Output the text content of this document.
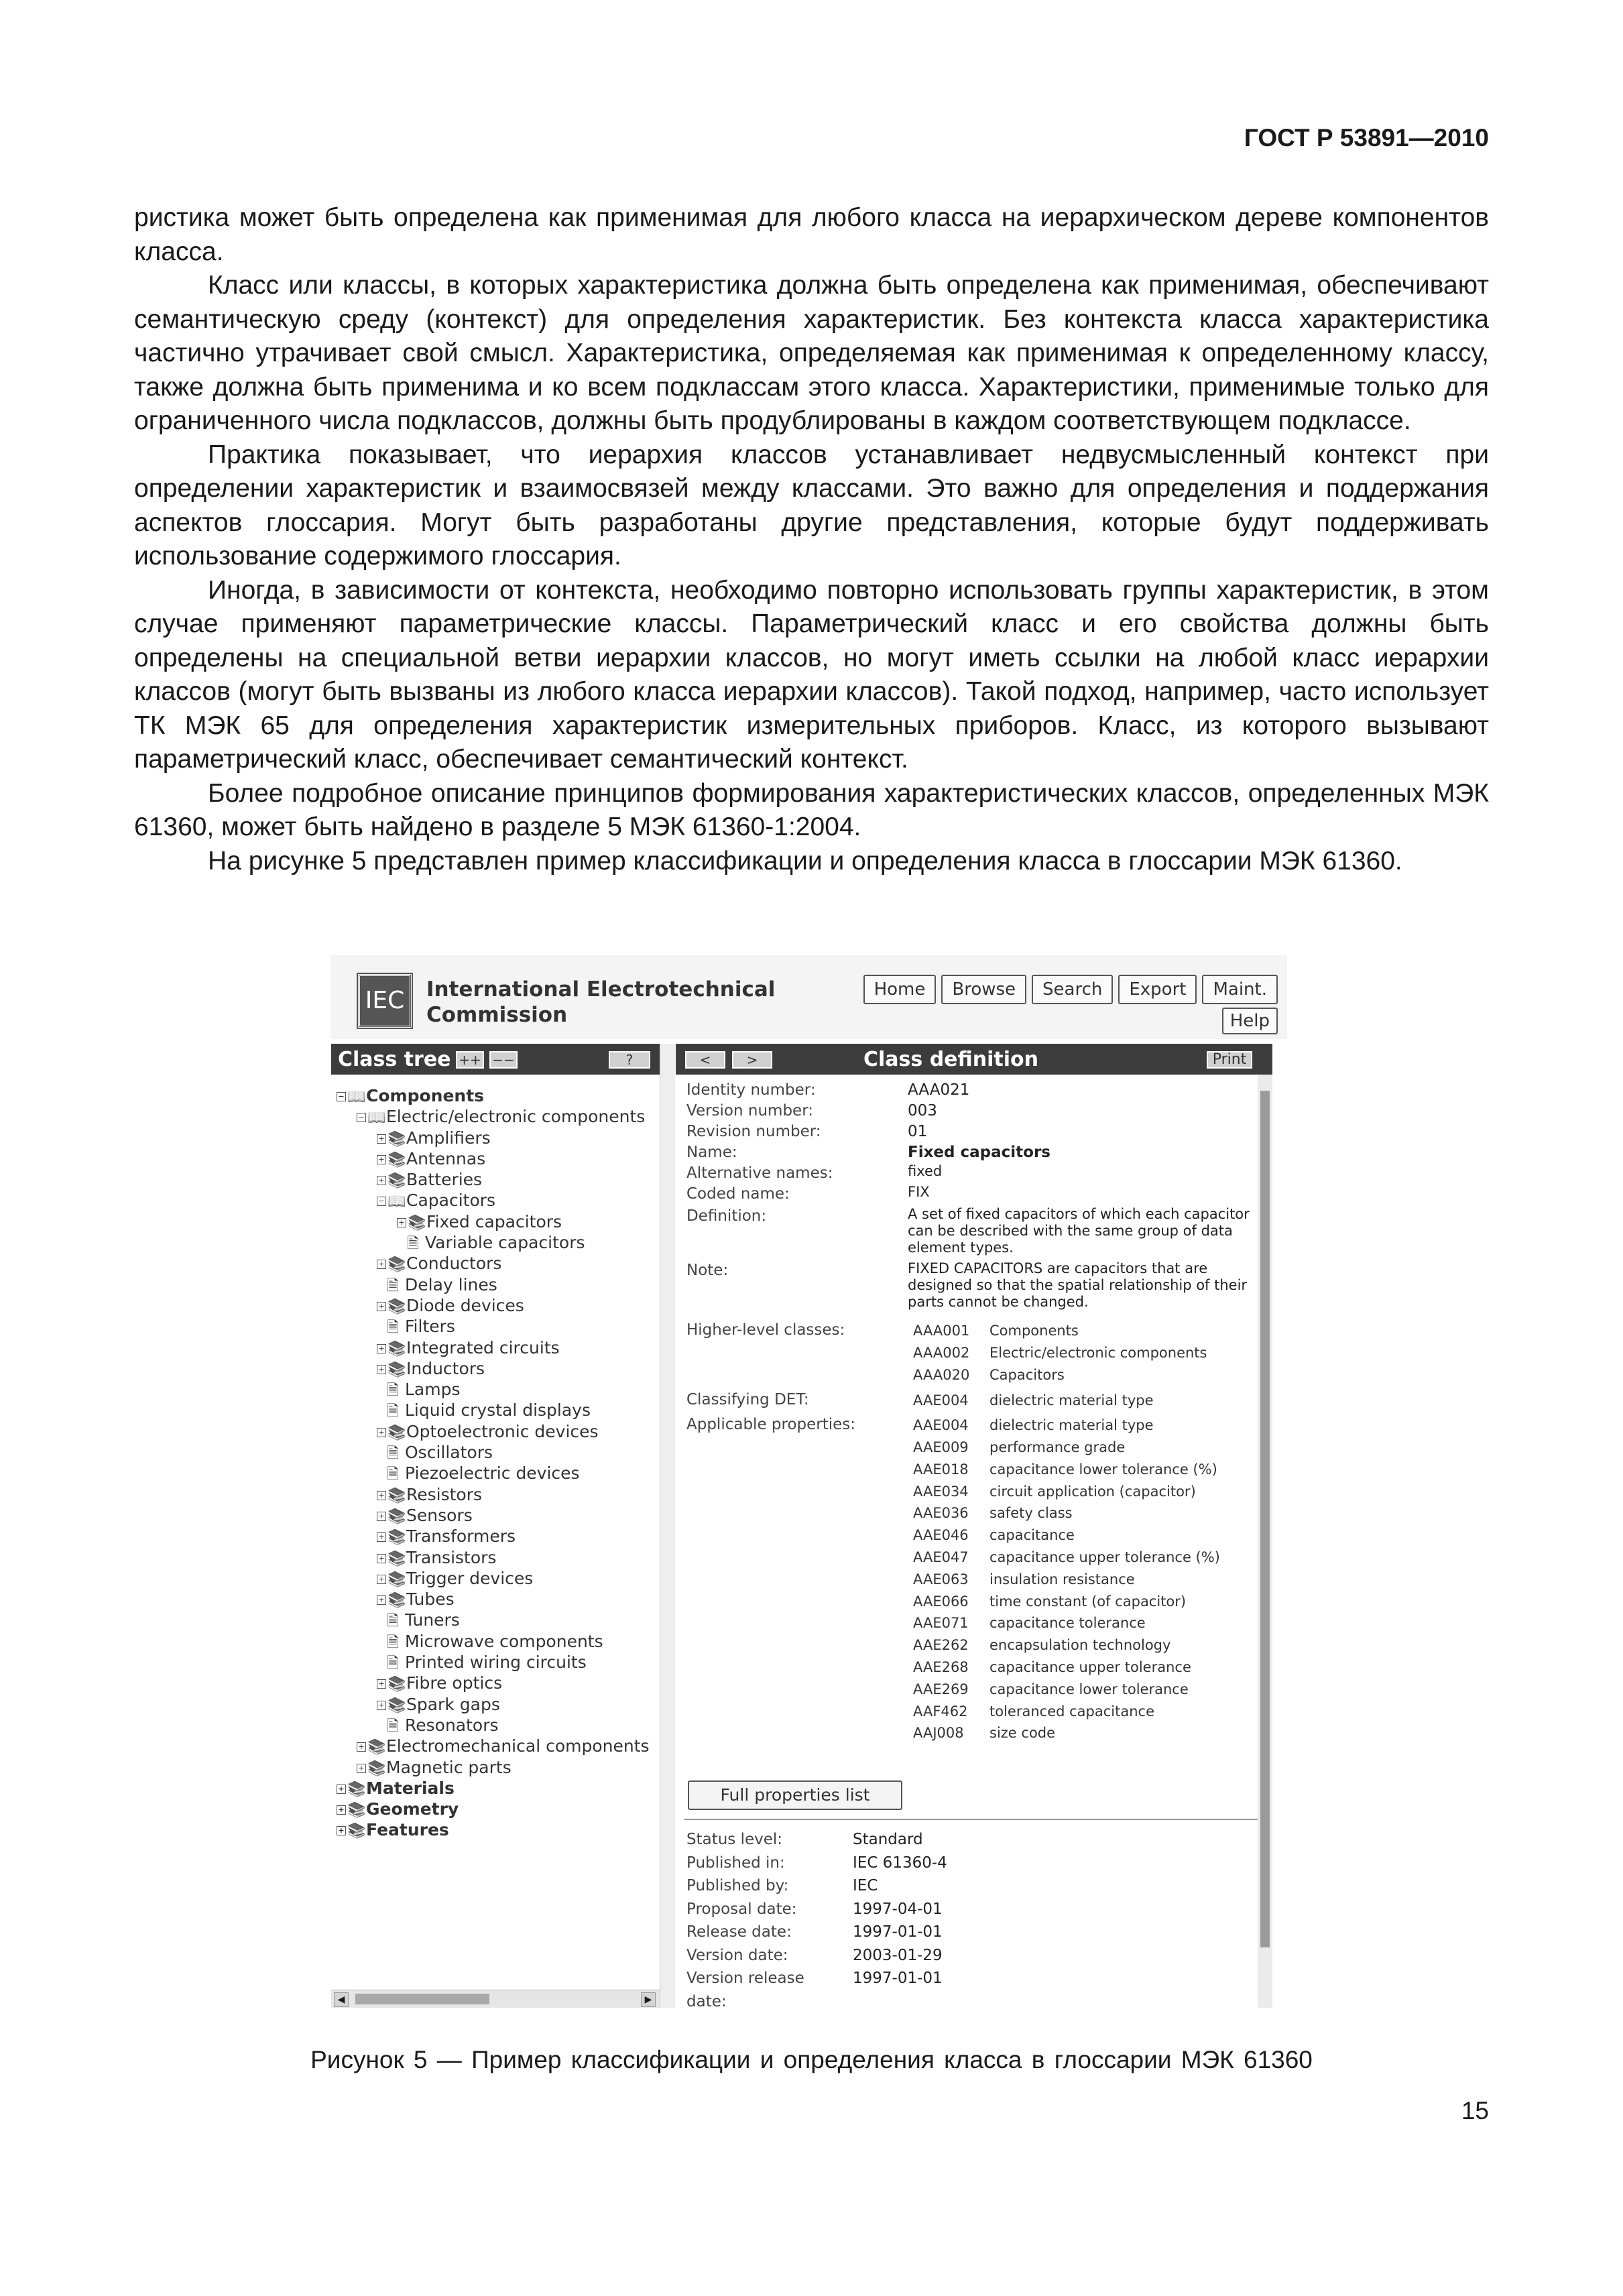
ГОСТ Р 53891—2010

ристика может быть определена как применимая для любого класса на иерархическом дереве компонентов класса.

Класс или классы, в которых характеристика должна быть определена как применимая, обеспечивают семантическую среду (контекст) для определения характеристик. Без контекста класса характеристика частично утрачивает свой смысл. Характеристика, определяемая как применимая к определенному классу, также должна быть применима и ко всем подклассам этого класса. Характеристики, применимые только для ограниченного числа подклассов, должны быть продублированы в каждом соответствующем подклассе.

Практика показывает, что иерархия классов устанавливает недвусмысленный контекст при определении характеристик и взаимосвязей между классами. Это важно для определения и поддержания аспектов глоссария. Могут быть разработаны другие представления, которые будут поддерживать использование содержимого глоссария.

Иногда, в зависимости от контекста, необходимо повторно использовать группы характеристик, в этом случае применяют параметрические классы. Параметрический класс и его свойства должны быть определены на специальной ветви иерархии классов, но могут иметь ссылки на любой класс иерархии классов (могут быть вызваны из любого класса иерархии классов). Такой подход, например, часто использует ТК МЭК 65 для определения характеристик измерительных приборов. Класс, из которого вызывают параметрический класс, обеспечивает семантический контекст.

Более подробное описание принципов формирования характеристических классов, определенных МЭК 61360, может быть найдено в разделе 5 МЭК 61360-1:2004.

На рисунке 5 представлен пример классификации и определения класса в глоссарии МЭК 61360.

IEC	International Electrotechnical
Commission
Home	Browse	Search	Export	Maint.
Help
Class tree ++ −−	?
− 📖Components
− 📖Electric/electronic components
+ 📚Amplifiers
+ 📚Antennas
+ 📚Batteries
− 📖Capacitors
+ 📚Fixed capacitors
🗎 Variable capacitors
+ 📚Conductors
🗎 Delay lines
+ 📚Diode devices
🗎 Filters
+ 📚Integrated circuits
+ 📚Inductors
🗎 Lamps
🗎 Liquid crystal displays
+ 📚Optoelectronic devices
🗎 Oscillators
🗎 Piezoelectric devices
+ 📚Resistors
+ 📚Sensors
+ 📚Transformers
+ 📚Transistors
+ 📚Trigger devices
+ 📚Tubes
🗎 Tuners
🗎 Microwave components
🗎 Printed wiring circuits
+ 📚Fibre optics
+ 📚Spark gaps
🗎 Resonators
+ 📚Electromechanical components
+ 📚Magnetic parts
+ 📚Materials
+ 📚Geometry
+ 📚Features
◀	▶
<	>	Class definition	Print
Identity number:	AAA021
Version number:	003
Revision number:	01
Name:	Fixed capacitors
Alternative names:	fixed
Coded name:	FIX
Definition:	A set of fixed capacitors of which each capacitor can be described with the same group of data element types.
Note:	FIXED CAPACITORS are capacitors that are designed so that the spatial relationship of their parts cannot be changed.
Higher-level classes:	AAA001	Components
AAA002	Electric/electronic components
AAA020	Capacitors
Classifying DET:	AAE004	dielectric material type
Applicable properties:	AAE004	dielectric material type
AAE009	performance grade
AAE018	capacitance lower tolerance (%)
AAE034	circuit application (capacitor)
AAE036	safety class
AAE046	capacitance
AAE047	capacitance upper tolerance (%)
AAE063	insulation resistance
AAE066	time constant (of capacitor)
AAE071	capacitance tolerance
AAE262	encapsulation technology
AAE268	capacitance upper tolerance
AAE269	capacitance lower tolerance
AAF462	toleranced capacitance
AAJ008	size code
Full properties list
Status level:	Standard
Published in:	IEC 61360-4
Published by:	IEC
Proposal date:	1997-04-01
Release date:	1997-01-01
Version date:	2003-01-29
Version release	1997-01-01
date:
Рисунок 5 — Пример классификации и определения класса в глоссарии МЭК 61360
15
